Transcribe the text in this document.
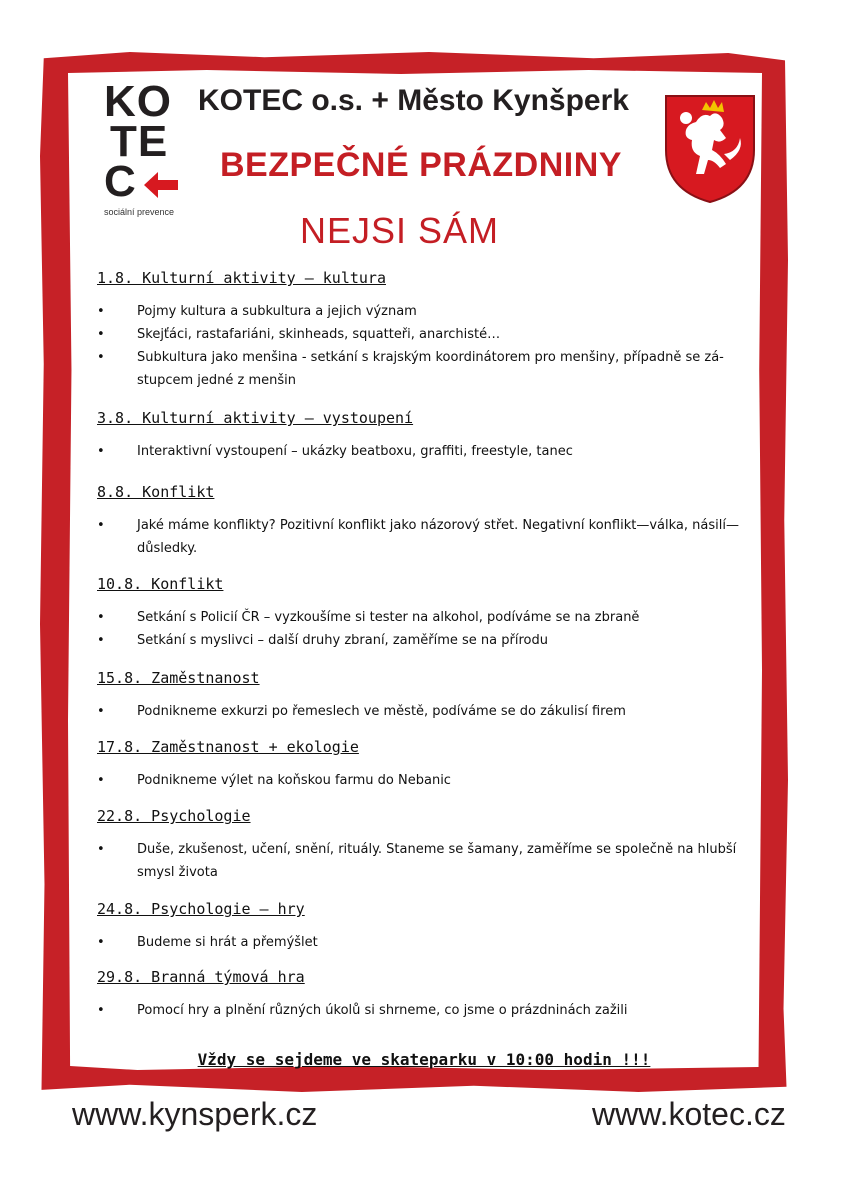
KO
TE
C
sociální prevence
KOTEC o.s. + Město Kynšperk
BEZPEČNÉ PRÁZDNINY
NEJSI SÁM
1.8. Kulturní aktivity – kultura
• Pojmy kultura a subkultura a jejich význam
• Skejťáci, rastafariáni, skinheads, squatteři, anarchisté…
• Subkultura jako menšina - setkání s krajským koordinátorem pro menšiny, případně se zá-stupcem jedné z menšin
3.8. Kulturní aktivity – vystoupení
• Interaktivní vystoupení – ukázky beatboxu, graffiti, freestyle, tanec
8.8. Konflikt
• Jaké máme konflikty? Pozitivní konflikt jako názorový střet. Negativní konflikt—válka, násilí— důsledky.
10.8. Konflikt
• Setkání s Policií ČR – vyzkoušíme si tester na alkohol, podíváme se na zbraně
• Setkání s myslivci – další druhy zbraní, zaměříme se na přírodu
15.8. Zaměstnanost
• Podnikneme exkurzi po řemeslech ve městě, podíváme se do zákulisí firem
17.8. Zaměstnanost + ekologie
• Podnikneme výlet na koňskou farmu do Nebanic
22.8. Psychologie
• Duše, zkušenost, učení, snění, rituály. Staneme se šamany, zaměříme se společně na hlubší smysl života
24.8. Psychologie – hry
• Budeme si hrát a přemýšlet
29.8. Branná týmová hra
• Pomocí hry a plnění různých úkolů si shrneme, co jsme o prázdninách zažili
Vždy se sejdeme ve skateparku v 10:00 hodin !!!
www.kynsperk.cz	www.kotec.cz
